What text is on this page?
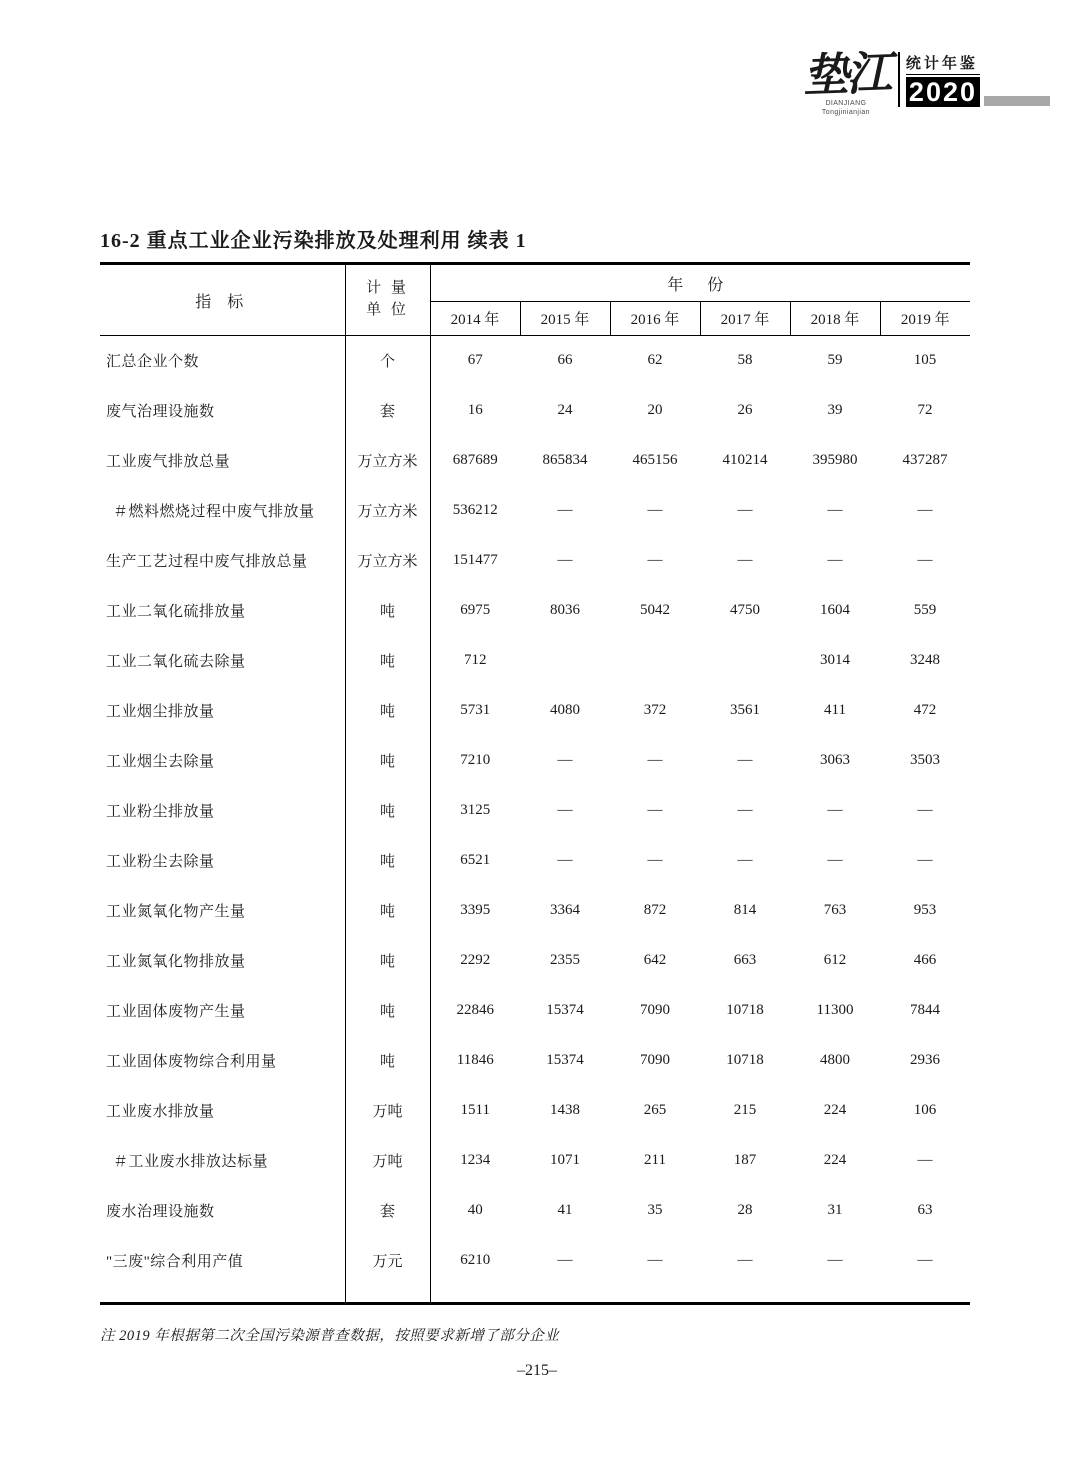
垫江
DIANJIANG
Tongjinianjian
统计年鉴
2020
16-2 重点工业企业污染排放及处理利用 续表 1
指 标	计 量
单 位	年 份					
		2014 年	2015 年	2016 年	2017 年	2018 年	2019 年
汇总企业个数	个	67	66	62	58	59	105
废气治理设施数	套	16	24	20	26	39	72
工业废气排放总量	万立方米	687689	865834	465156	410214	395980	437287
＃燃料燃烧过程中废气排放量	万立方米	536212	—	—	—	—	—
生产工艺过程中废气排放总量	万立方米	151477	—	—	—	—	—
工业二氧化硫排放量	吨	6975	8036	5042	4750	1604	559
工业二氧化硫去除量	吨	712				3014	3248
工业烟尘排放量	吨	5731	4080	372	3561	411	472
工业烟尘去除量	吨	7210	—	—	—	3063	3503
工业粉尘排放量	吨	3125	—	—	—	—	—
工业粉尘去除量	吨	6521	—	—	—	—	—
工业氮氧化物产生量	吨	3395	3364	872	814	763	953
工业氮氧化物排放量	吨	2292	2355	642	663	612	466
工业固体废物产生量	吨	22846	15374	7090	10718	11300	7844
工业固体废物综合利用量	吨	11846	15374	7090	10718	4800	2936
工业废水排放量	万吨	1511	1438	265	215	224	106
＃工业废水排放达标量	万吨	1234	1071	211	187	224	—
废水治理设施数	套	40	41	35	28	31	63
"三废"综合利用产值	万元	6210	—	—	—	—	—

注 2019 年根据第二次全国污染源普查数据，按照要求新增了部分企业
–215–
